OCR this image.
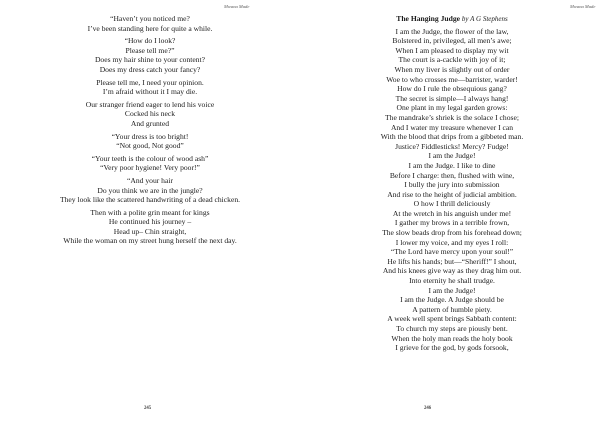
Mwana Made
“Haven’t you noticed me?
I’ve been standing here for quite a while.
“How do I look?
Please tell me?”
Does my hair shine to your content?
Does my dress catch your fancy?
Please tell me, I need your opinion.
I’m afraid without it I may die.
Our stranger friend eager to lend his voice
Cocked his neck
And grunted
“Your dress is too bright!
“Not good, Not good”
“Your teeth is the colour of wood ash”
“Very poor hygiene! Very poor!”
“And your hair
Do you think we are in the jungle?
They look like the scattered handwriting of a dead chicken.
Then with a polite grin meant for kings
He continued his journey –
Head up– Chin straight,
While the woman on my street hung herself the next day.
245
Mwana Made
The Hanging Judge by A G Stephens
I am the Judge, the flower of the law,
Bolstered in, privileged, all men’s awe;
When I am pleased to display my wit
The court is a-cackle with joy of it;
When my liver is slightly out of order
Woe to who crosses me—barrister, warder!
How do I rule the obsequious gang?
The secret is simple—I always hang!
One plant in my legal garden grows:
The mandrake’s shriek is the solace I chose;
And I water my treasure whenever I can
With the blood that drips from a gibbeted man.
Justice? Fiddlesticks! Mercy? Fudge!
I am the Judge!
I am the Judge. I like to dine
Before I charge: then, flushed with wine,
I bully the jury into submission
And rise to the height of judicial ambition.
O how I thrill deliciously
At the wretch in his anguish under me!
I gather my brows in a terrible frown,
The slow beads drop from his forehead down;
I lower my voice, and my eyes I roll:
“The Lord have mercy upon your soul!”
He lifts his hands; but—“Sheriff!” I shout,
And his knees give way as they drag him out.
Into eternity he shall trudge.
I am the Judge!
I am the Judge. A Judge should be
A pattern of humble piety.
A week well spent brings Sabbath content:
To church my steps are piously bent.
When the holy man reads the holy book
I grieve for the god, by gods forsook,
246
